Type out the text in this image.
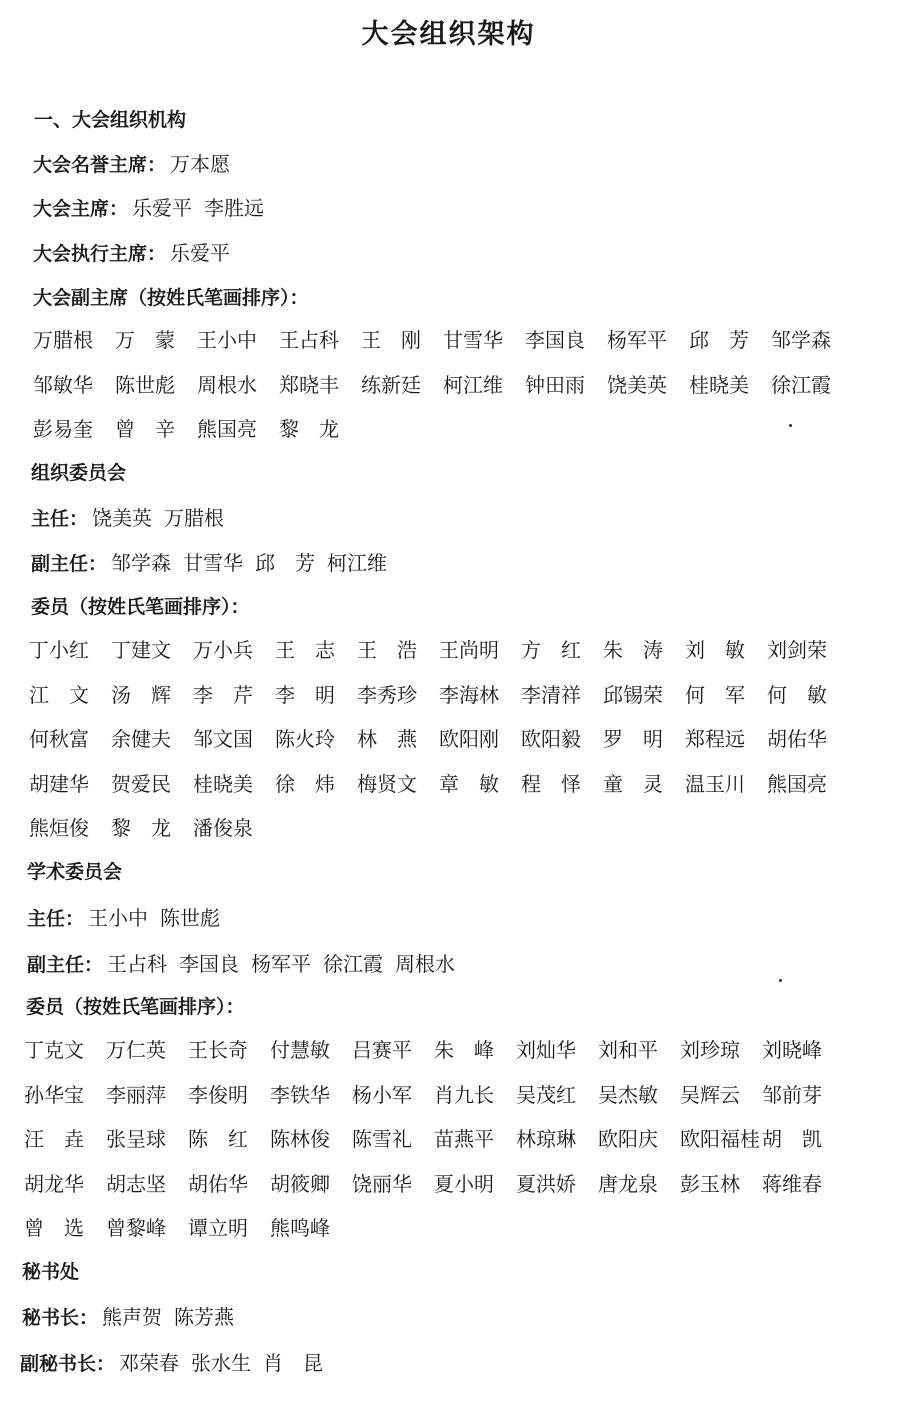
大会组织架构
一、大会组织机构
大会名誉主席： 万本愿
大会主席： 乐爱平 李胜远
大会执行主席： 乐爱平
大会副主席（按姓氏笔画排序）：
万腊根 万　蒙 王小中 王占科 王　刚 甘雪华 李国良 杨军平 邱　芳 邹学森
邹敏华 陈世彪 周根水 郑晓丰 练新廷 柯江维 钟田雨 饶美英 桂晓美 徐江霞
彭易奎 曾　辛 熊国亮 黎　龙
组织委员会
主任： 饶美英 万腊根
副主任： 邹学森 甘雪华 邱　芳 柯江维
委员（按姓氏笔画排序）：
丁小红 丁建文 万小兵 王　志 王　浩 王尚明 方　红 朱　涛 刘　敏 刘剑荣
江　文 汤　辉 李　芹 李　明 李秀珍 李海林 李清祥 邱锡荣 何　军 何　敏
何秋富 余健夫 邹文国 陈火玲 林　燕 欧阳刚 欧阳毅 罗　明 郑程远 胡佑华
胡建华 贺爱民 桂晓美 徐　炜 梅贤文 章　敏 程　怿 童　灵 温玉川 熊国亮
熊烜俊 黎　龙 潘俊泉
学术委员会
主任： 王小中 陈世彪
副主任： 王占科 李国良 杨军平 徐江霞 周根水
委员（按姓氏笔画排序）：
丁克文 万仁英 王长奇 付慧敏 吕赛平 朱　峰 刘灿华 刘和平 刘珍琼 刘晓峰
孙华宝 李丽萍 李俊明 李铁华 杨小军 肖九长 吴茂红 吴杰敏 吴辉云 邹前芽
汪　垚 张呈球 陈　红 陈林俊 陈雪礼 苗燕平 林琼琳 欧阳庆 欧阳福桂 胡　凯
胡龙华 胡志坚 胡佑华 胡筱卿 饶丽华 夏小明 夏洪娇 唐龙泉 彭玉林 蒋维春
曾　选 曾黎峰 谭立明 熊鸣峰
秘书处
秘书长： 熊声贺 陈芳燕
副秘书长： 邓荣春 张水生 肖　昆
